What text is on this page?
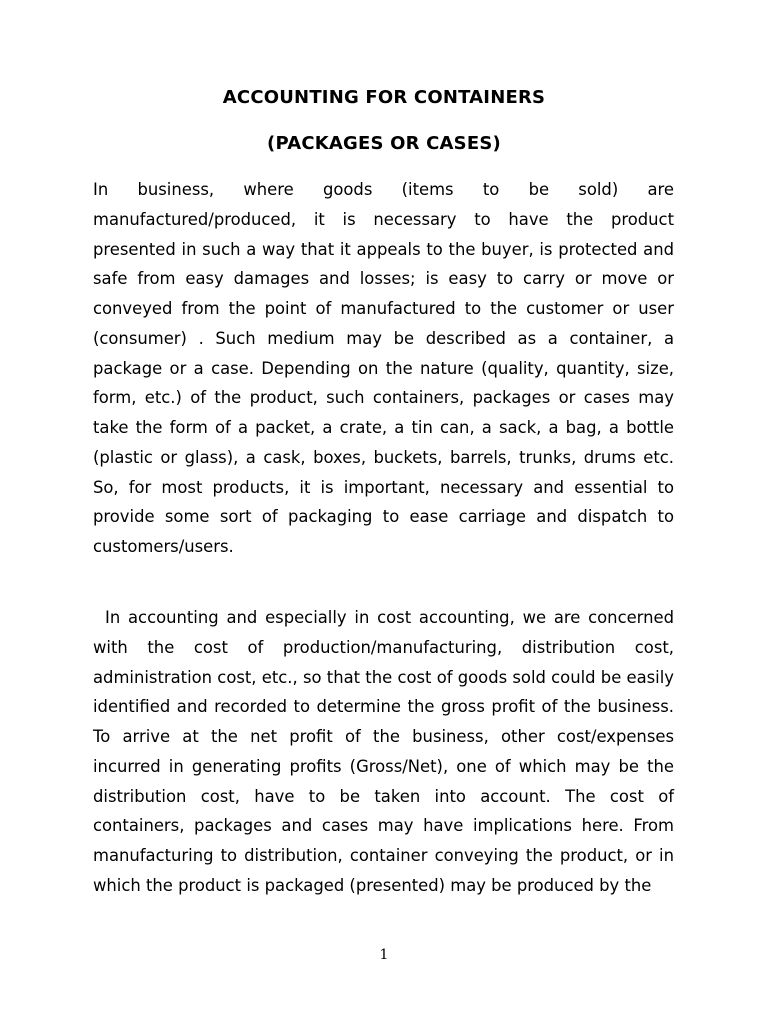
ACCOUNTING FOR CONTAINERS
(PACKAGES OR CASES)

In business, where goods (items to be sold) are manufactured/produced, it is necessary to have the product presented in such a way that it appeals to the buyer, is protected and safe from easy damages and losses; is easy to carry or move or conveyed from the point of manufactured to the customer or user (consumer) . Such medium may be described as a container, a package or a case. Depending on the nature (quality, quantity, size, form, etc.) of the product, such containers, packages or cases may take the form of a packet, a crate, a tin can, a sack, a bag, a bottle (plastic or glass), a cask, boxes, buckets, barrels, trunks, drums etc. So, for most products, it is important, necessary and essential to provide some sort of packaging to ease carriage and dispatch to customers/users.

In accounting and especially in cost accounting, we are concerned with the cost of production/manufacturing, distribution cost, administration cost, etc., so that the cost of goods sold could be easily identified and recorded to determine the gross profit of the business. To arrive at the net profit of the business, other cost/expenses incurred in generating profits (Gross/Net), one of which may be the distribution cost, have to be taken into account. The cost of containers, packages and cases may have implications here. From manufacturing to distribution, container conveying the product, or in which the product is packaged (presented) may be produced by the

1
